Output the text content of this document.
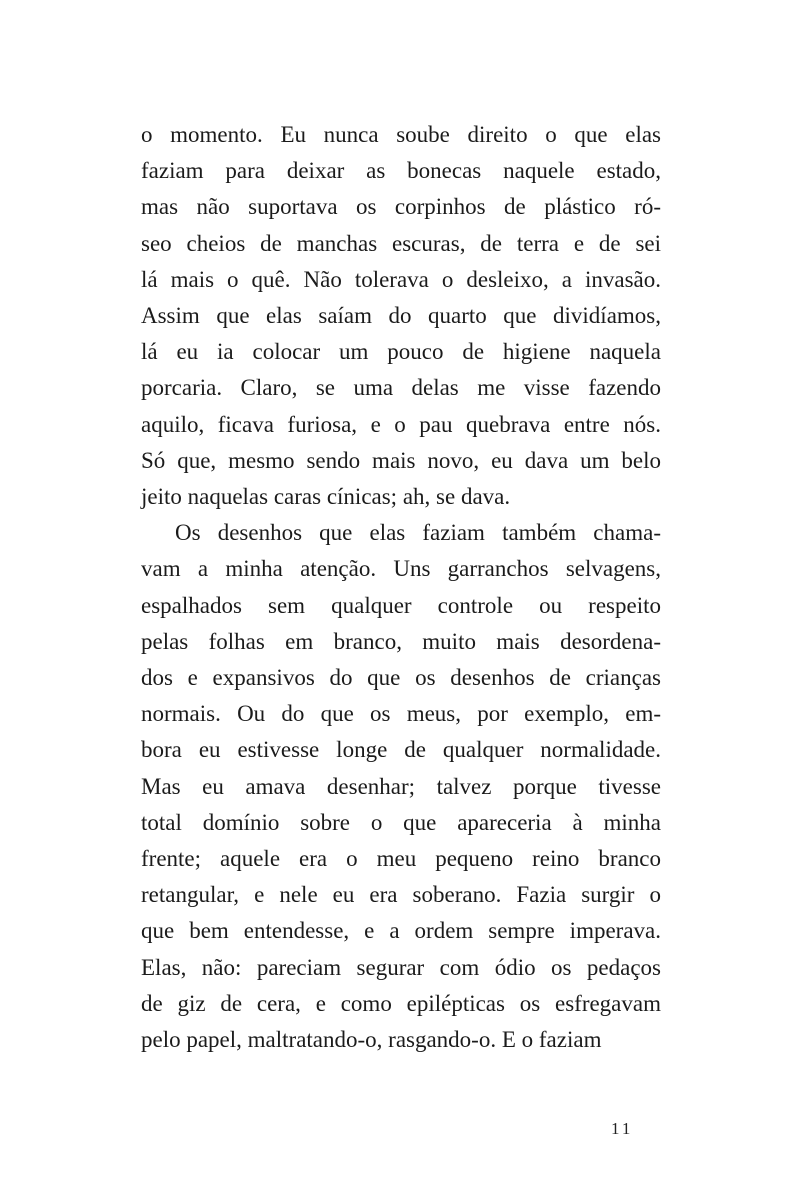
o momento. Eu nunca soube direito o que elas
faziam para deixar as bonecas naquele estado,
mas não suportava os corpinhos de plástico ró-
seo cheios de manchas escuras, de terra e de sei
lá mais o quê. Não tolerava o desleixo, a invasão.
Assim que elas saíam do quarto que dividíamos,
lá eu ia colocar um pouco de higiene naquela
porcaria. Claro, se uma delas me visse fazendo
aquilo, ficava furiosa, e o pau quebrava entre nós.
Só que, mesmo sendo mais novo, eu dava um belo
jeito naquelas caras cínicas; ah, se dava.
Os desenhos que elas faziam também chama-
vam a minha atenção. Uns garranchos selvagens,
espalhados sem qualquer controle ou respeito
pelas folhas em branco, muito mais desordena-
dos e expansivos do que os desenhos de crianças
normais. Ou do que os meus, por exemplo, em-
bora eu estivesse longe de qualquer normalidade.
Mas eu amava desenhar; talvez porque tivesse
total domínio sobre o que apareceria à minha
frente; aquele era o meu pequeno reino branco
retangular, e nele eu era soberano. Fazia surgir o
que bem entendesse, e a ordem sempre imperava.
Elas, não: pareciam segurar com ódio os pedaços
de giz de cera, e como epilépticas os esfregavam
pelo papel, maltratando-o, rasgando-o. E o faziam
11
